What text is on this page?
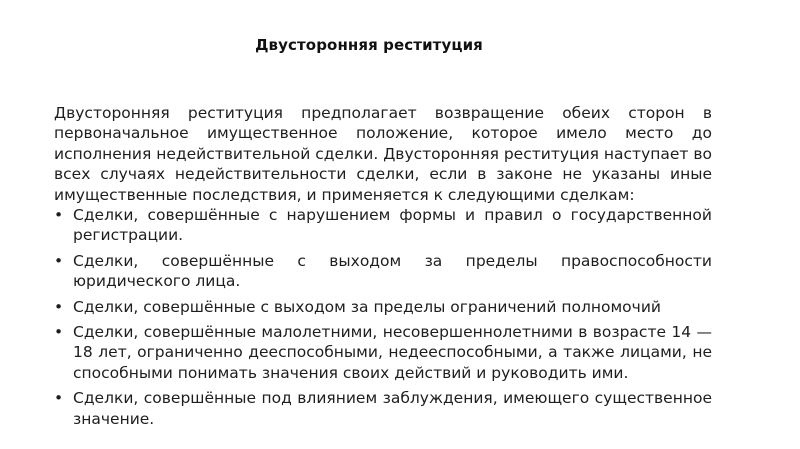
Двусторонняя реституция

Двусторонняя реституция предполагает возвращение обеих сторон в первоначальное имущественное положение, которое имело место до исполнения недействительной сделки. Двусторонняя реституция наступает во всех случаях недействительности сделки, если в законе не указаны иные имущественные последствия, и применяется к следующими сделкам:

• Сделки, совершённые с нарушением формы и правил о государственной регистрации.
• Сделки, совершённые с выходом за пределы правоспособности юридического лица.
• Сделки, совершённые с выходом за пределы ограничений полномочий
• Сделки, совершённые малолетними, несовершеннолетними в возрасте 14 — 18 лет, ограниченно дееспособными, недееспособными, а также лицами, не способными понимать значения своих действий и руководить ими.
• Сделки, совершённые под влиянием заблуждения, имеющего существенное значение.
